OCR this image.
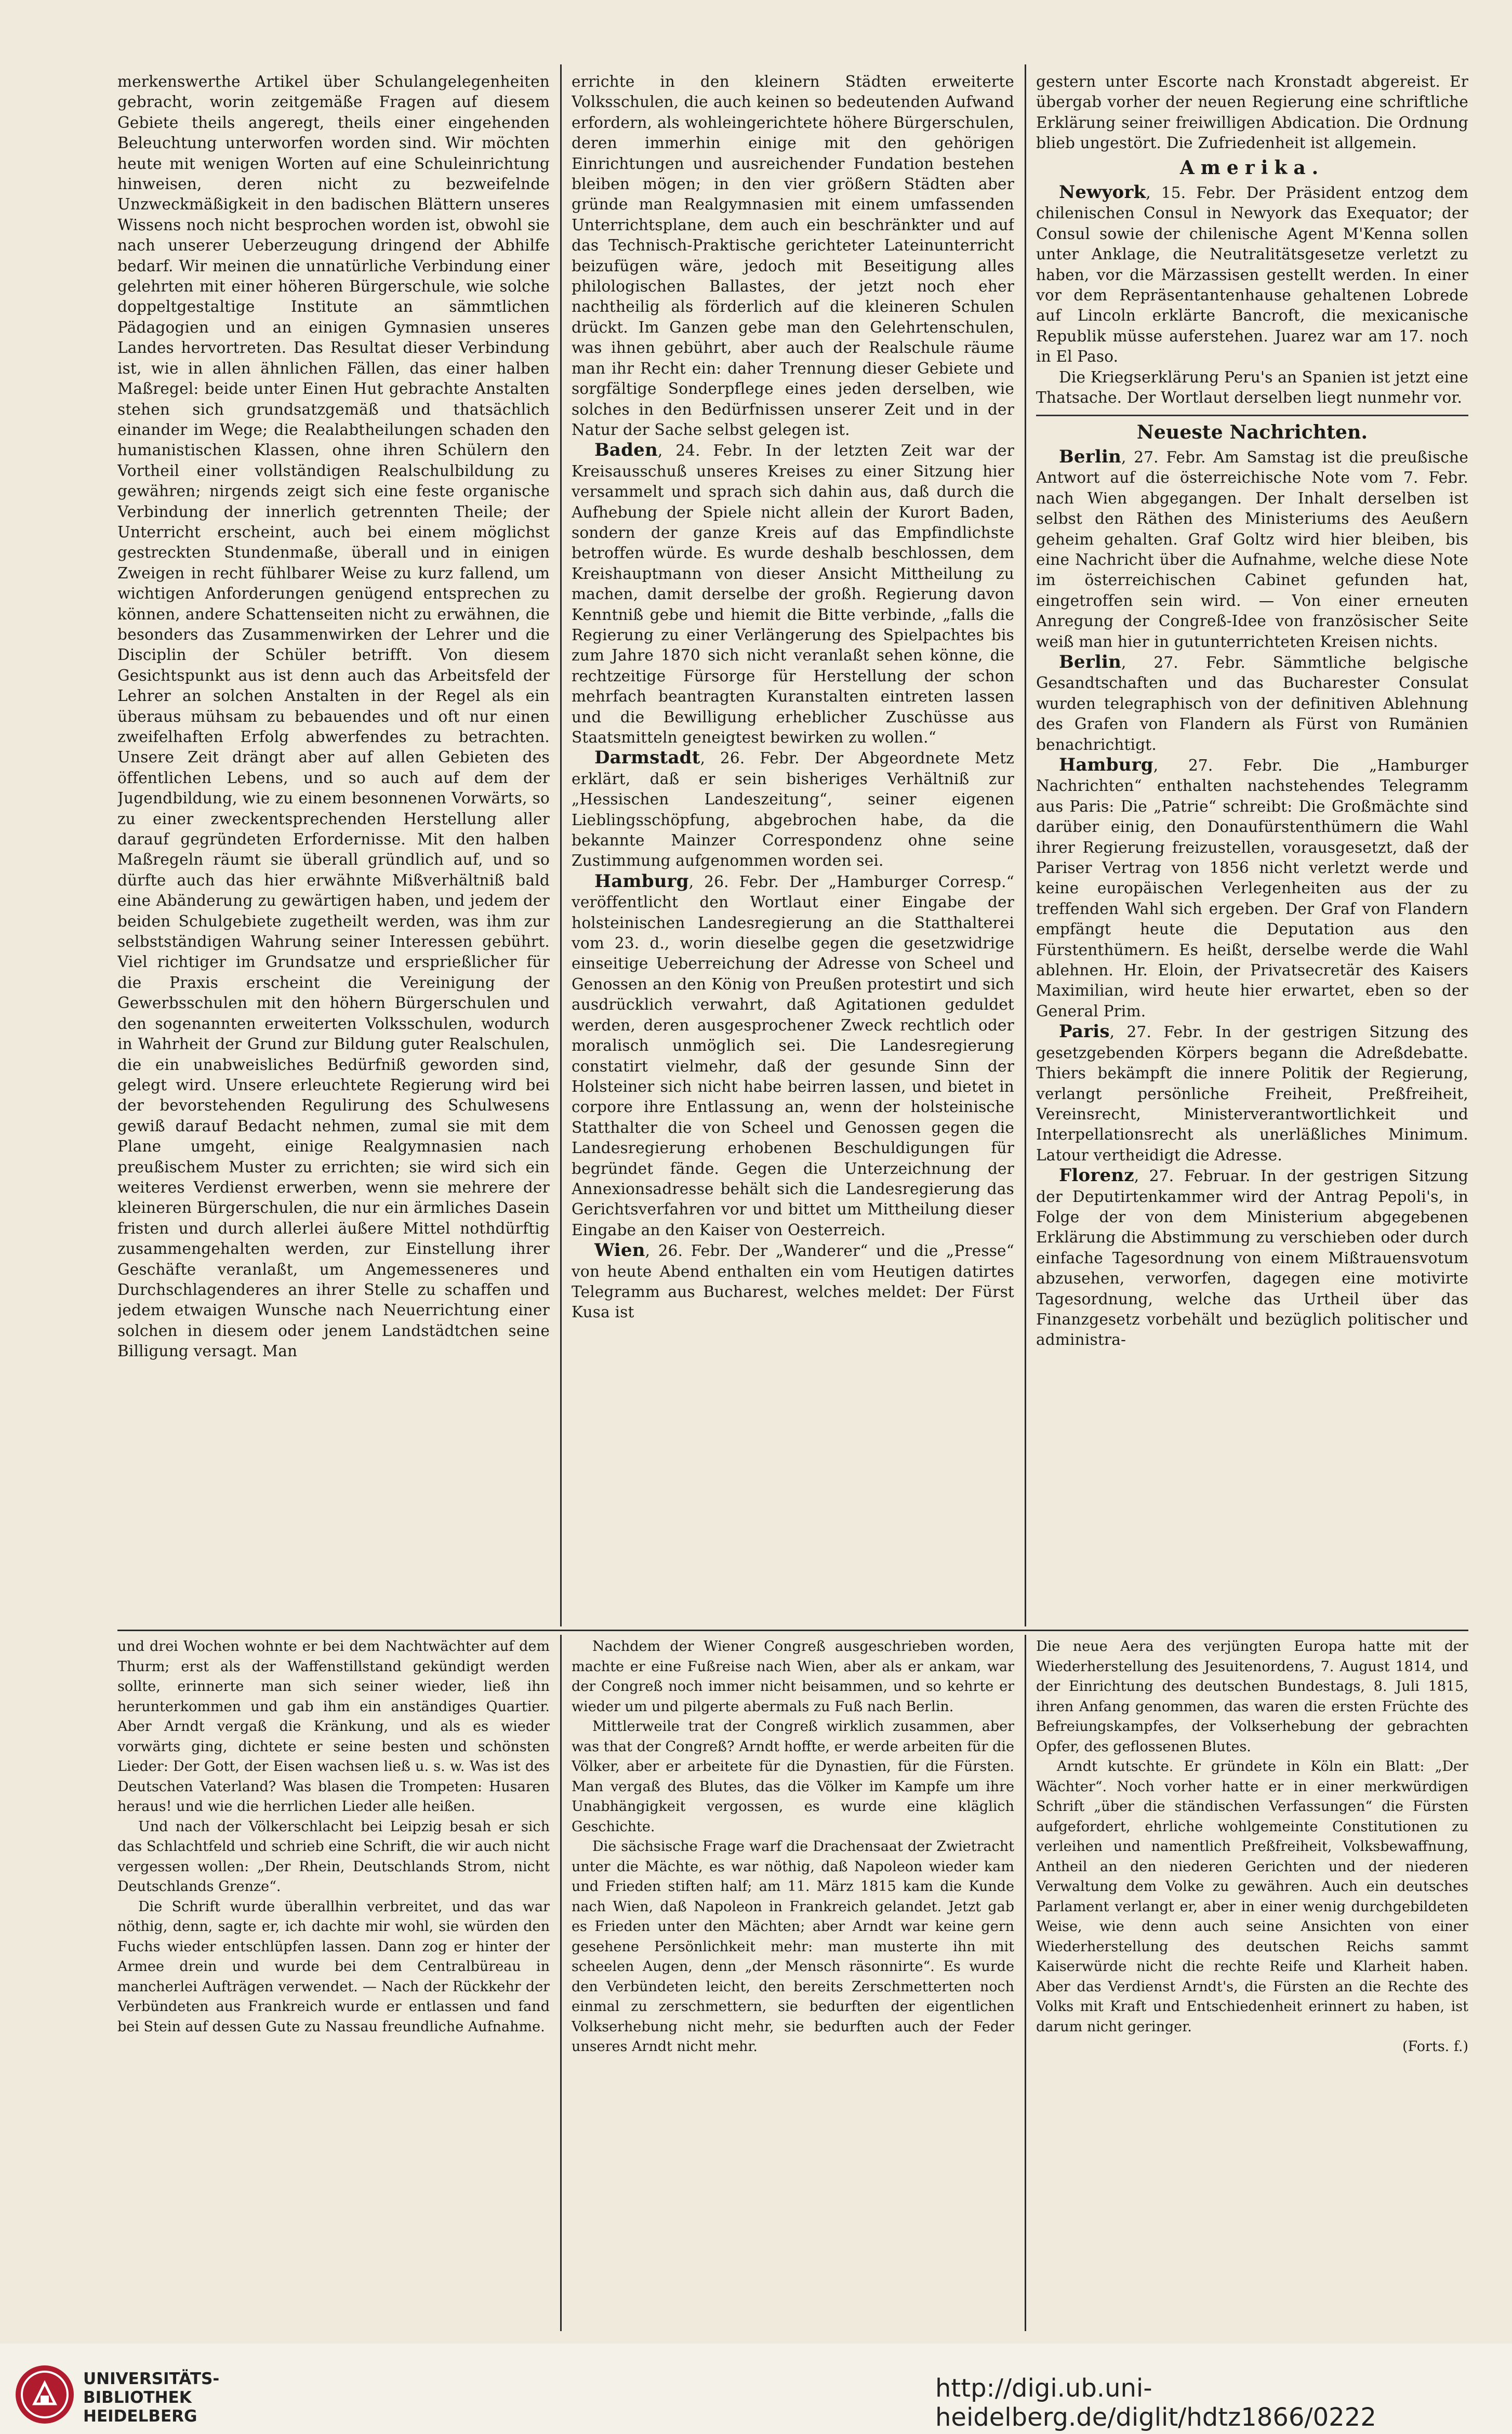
merkenswerthe Artikel über Schulangelegenheiten gebracht, worin zeitgemäße Fragen auf diesem Gebiete theils angeregt, theils einer eingehenden Beleuchtung unterworfen worden sind. Wir möchten heute mit wenigen Worten auf eine Schuleinrichtung hinweisen, deren nicht zu bezweifelnde Unzweckmäßigkeit in den badischen Blättern unseres Wissens noch nicht besprochen worden ist, obwohl sie nach unserer Ueberzeugung dringend der Abhilfe bedarf. Wir meinen die unnatürliche Verbindung einer gelehrten mit einer höheren Bürgerschule, wie solche doppeltgestaltige Institute an sämmtlichen Pädagogien und an einigen Gymnasien unseres Landes hervortreten. Das Resultat dieser Verbindung ist, wie in allen ähnlichen Fällen, das einer halben Maßregel: beide unter Einen Hut gebrachte Anstalten stehen sich grundsatzgemäß und thatsächlich einander im Wege; die Realabtheilungen schaden den humanistischen Klassen, ohne ihren Schülern den Vortheil einer vollständigen Realschulbildung zu gewähren; nirgends zeigt sich eine feste organische Verbindung der innerlich getrennten Theile; der Unterricht erscheint, auch bei einem möglichst gestreckten Stundenmaße, überall und in einigen Zweigen in recht fühlbarer Weise zu kurz fallend, um wichtigen Anforderungen genügend entsprechen zu können, andere Schattenseiten nicht zu erwähnen, die besonders das Zusammenwirken der Lehrer und die Disciplin der Schüler betrifft. Von diesem Gesichtspunkt aus ist denn auch das Arbeitsfeld der Lehrer an solchen Anstalten in der Regel als ein überaus mühsam zu bebauendes und oft nur einen zweifelhaften Erfolg abwerfendes zu betrachten. Unsere Zeit drängt aber auf allen Gebieten des öffentlichen Lebens, und so auch auf dem der Jugendbildung, wie zu einem besonnenen Vorwärts, so zu einer zweckentsprechenden Herstellung aller darauf gegründeten Erfordernisse. Mit den halben Maßregeln räumt sie überall gründlich auf, und so dürfte auch das hier erwähnte Mißverhältniß bald eine Abänderung zu gewärtigen haben, und jedem der beiden Schulgebiete zugetheilt werden, was ihm zur selbstständigen Wahrung seiner Interessen gebührt. Viel richtiger im Grundsatze und ersprießlicher für die Praxis erscheint die Vereinigung der Gewerbsschulen mit den höhern Bürgerschulen und den sogenannten erweiterten Volksschulen, wodurch in Wahrheit der Grund zur Bildung guter Realschulen, die ein unabweisliches Bedürfniß geworden sind, gelegt wird. Unsere erleuchtete Regierung wird bei der bevorstehenden Regulirung des Schulwesens gewiß darauf Bedacht nehmen, zumal sie mit dem Plane umgeht, einige Realgymnasien nach preußischem Muster zu errichten; sie wird sich ein weiteres Verdienst erwerben, wenn sie mehrere der kleineren Bürgerschulen, die nur ein ärmliches Dasein fristen und durch allerlei äußere Mittel nothdürftig zusammengehalten werden, zur Einstellung ihrer Geschäfte veranlaßt, um Angemesseneres und Durchschlagenderes an ihrer Stelle zu schaffen und jedem etwaigen Wunsche nach Neuerrichtung einer solchen in diesem oder jenem Landstädtchen seine Billigung versagt. Man

errichte in den kleinern Städten erweiterte Volksschulen, die auch keinen so bedeutenden Aufwand erfordern, als wohleingerichtete höhere Bürgerschulen, deren immerhin einige mit den gehörigen Einrichtungen und ausreichender Fundation bestehen bleiben mögen; in den vier größern Städten aber gründe man Realgymnasien mit einem umfassenden Unterrichtsplane, dem auch ein beschränkter und auf das Technisch-Praktische gerichteter Lateinunterricht beizufügen wäre, jedoch mit Beseitigung alles philologischen Ballastes, der jetzt noch eher nachtheilig als förderlich auf die kleineren Schulen drückt. Im Ganzen gebe man den Gelehrtenschulen, was ihnen gebührt, aber auch der Realschule räume man ihr Recht ein: daher Trennung dieser Gebiete und sorgfältige Sonderpflege eines jeden derselben, wie solches in den Bedürfnissen unserer Zeit und in der Natur der Sache selbst gelegen ist.

Baden, 24. Febr. In der letzten Zeit war der Kreisausschuß unseres Kreises zu einer Sitzung hier versammelt und sprach sich dahin aus, daß durch die Aufhebung der Spiele nicht allein der Kurort Baden, sondern der ganze Kreis auf das Empfindlichste betroffen würde. Es wurde deshalb beschlossen, dem Kreishauptmann von dieser Ansicht Mittheilung zu machen, damit derselbe der großh. Regierung davon Kenntniß gebe und hiemit die Bitte verbinde, „falls die Regierung zu einer Verlängerung des Spielpachtes bis zum Jahre 1870 sich nicht veranlaßt sehen könne, die rechtzeitige Fürsorge für Herstellung der schon mehrfach beantragten Kuranstalten eintreten lassen und die Bewilligung erheblicher Zuschüsse aus Staatsmitteln geneigtest bewirken zu wollen.“

Darmstadt, 26. Febr. Der Abgeordnete Metz erklärt, daß er sein bisheriges Verhältniß zur „Hessischen Landeszeitung“, seiner eigenen Lieblingsschöpfung, abgebrochen habe, da die bekannte Mainzer Correspondenz ohne seine Zustimmung aufgenommen worden sei.

Hamburg, 26. Febr. Der „Hamburger Corresp.“ veröffentlicht den Wortlaut einer Eingabe der holsteinischen Landesregierung an die Statthalterei vom 23. d., worin dieselbe gegen die gesetzwidrige einseitige Ueberreichung der Adresse von Scheel und Genossen an den König von Preußen protestirt und sich ausdrücklich verwahrt, daß Agitationen geduldet werden, deren ausgesprochener Zweck rechtlich oder moralisch unmöglich sei. Die Landesregierung constatirt vielmehr, daß der gesunde Sinn der Holsteiner sich nicht habe beirren lassen, und bietet in corpore ihre Entlassung an, wenn der holsteinische Statthalter die von Scheel und Genossen gegen die Landesregierung erhobenen Beschuldigungen für begründet fände. Gegen die Unterzeichnung der Annexionsadresse behält sich die Landesregierung das Gerichtsverfahren vor und bittet um Mittheilung dieser Eingabe an den Kaiser von Oesterreich.

Wien, 26. Febr. Der „Wanderer“ und die „Presse“ von heute Abend enthalten ein vom Heutigen datirtes Telegramm aus Bucharest, welches meldet: Der Fürst Kusa ist

gestern unter Escorte nach Kronstadt abgereist. Er übergab vorher der neuen Regierung eine schriftliche Erklärung seiner freiwilligen Abdication. Die Ordnung blieb ungestört. Die Zufriedenheit ist allgemein.

Amerika.

Newyork, 15. Febr. Der Präsident entzog dem chilenischen Consul in Newyork das Exequator; der Consul sowie der chilenische Agent M'Kenna sollen unter Anklage, die Neutralitätsgesetze verletzt zu haben, vor die Märzassisen gestellt werden. In einer vor dem Repräsentantenhause gehaltenen Lobrede auf Lincoln erklärte Bancroft, die mexicanische Republik müsse auferstehen. Juarez war am 17. noch in El Paso.

Die Kriegserklärung Peru's an Spanien ist jetzt eine Thatsache. Der Wortlaut derselben liegt nunmehr vor.

Neueste Nachrichten.

Berlin, 27. Febr. Am Samstag ist die preußische Antwort auf die österreichische Note vom 7. Febr. nach Wien abgegangen. Der Inhalt derselben ist selbst den Räthen des Ministeriums des Aeußern geheim gehalten. Graf Goltz wird hier bleiben, bis eine Nachricht über die Aufnahme, welche diese Note im österreichischen Cabinet gefunden hat, eingetroffen sein wird. — Von einer erneuten Anregung der Congreß-Idee von französischer Seite weiß man hier in gutunterrichteten Kreisen nichts.

Berlin, 27. Febr. Sämmtliche belgische Gesandtschaften und das Bucharester Consulat wurden telegraphisch von der definitiven Ablehnung des Grafen von Flandern als Fürst von Rumänien benachrichtigt.

Hamburg, 27. Febr. Die „Hamburger Nachrichten“ enthalten nachstehendes Telegramm aus Paris: Die „Patrie“ schreibt: Die Großmächte sind darüber einig, den Donaufürstenthümern die Wahl ihrer Regierung freizustellen, vorausgesetzt, daß der Pariser Vertrag von 1856 nicht verletzt werde und keine europäischen Verlegenheiten aus der zu treffenden Wahl sich ergeben. Der Graf von Flandern empfängt heute die Deputation aus den Fürstenthümern. Es heißt, derselbe werde die Wahl ablehnen. Hr. Eloin, der Privatsecretär des Kaisers Maximilian, wird heute hier erwartet, eben so der General Prim.

Paris, 27. Febr. In der gestrigen Sitzung des gesetzgebenden Körpers begann die Adreßdebatte. Thiers bekämpft die innere Politik der Regierung, verlangt persönliche Freiheit, Preßfreiheit, Vereinsrecht, Ministerverantwortlichkeit und Interpellationsrecht als unerläßliches Minimum. Latour vertheidigt die Adresse.

Florenz, 27. Februar. In der gestrigen Sitzung der Deputirtenkammer wird der Antrag Pepoli's, in Folge der von dem Ministerium abgegebenen Erklärung die Abstimmung zu verschieben oder durch einfache Tagesordnung von einem Mißtrauensvotum abzusehen, verworfen, dagegen eine motivirte Tagesordnung, welche das Urtheil über das Finanzgesetz vorbehält und bezüglich politischer und administra-

und drei Wochen wohnte er bei dem Nachtwächter auf dem Thurm; erst als der Waffenstillstand gekündigt werden sollte, erinnerte man sich seiner wieder, ließ ihn herunterkommen und gab ihm ein anständiges Quartier. Aber Arndt vergaß die Kränkung, und als es wieder vorwärts ging, dichtete er seine besten und schönsten Lieder: Der Gott, der Eisen wachsen ließ u. s. w. Was ist des Deutschen Vaterland? Was blasen die Trompeten: Husaren heraus! und wie die herrlichen Lieder alle heißen.

Und nach der Völkerschlacht bei Leipzig besah er sich das Schlachtfeld und schrieb eine Schrift, die wir auch nicht vergessen wollen: „Der Rhein, Deutschlands Strom, nicht Deutschlands Grenze“.

Die Schrift wurde überallhin verbreitet, und das war nöthig, denn, sagte er, ich dachte mir wohl, sie würden den Fuchs wieder entschlüpfen lassen. Dann zog er hinter der Armee drein und wurde bei dem Centralbüreau in mancherlei Aufträgen verwendet. — Nach der Rückkehr der Verbündeten aus Frankreich wurde er entlassen und fand bei Stein auf dessen Gute zu Nassau freundliche Aufnahme.

Nachdem der Wiener Congreß ausgeschrieben worden, machte er eine Fußreise nach Wien, aber als er ankam, war der Congreß noch immer nicht beisammen, und so kehrte er wieder um und pilgerte abermals zu Fuß nach Berlin.

Mittlerweile trat der Congreß wirklich zusammen, aber was that der Congreß? Arndt hoffte, er werde arbeiten für die Völker, aber er arbeitete für die Dynastien, für die Fürsten. Man vergaß des Blutes, das die Völker im Kampfe um ihre Unabhängigkeit vergossen, es wurde eine kläglich Geschichte.

Die sächsische Frage warf die Drachensaat der Zwietracht unter die Mächte, es war nöthig, daß Napoleon wieder kam und Frieden stiften half; am 11. März 1815 kam die Kunde nach Wien, daß Napoleon in Frankreich gelandet. Jetzt gab es Frieden unter den Mächten; aber Arndt war keine gern gesehene Persönlichkeit mehr: man musterte ihn mit scheelen Augen, denn „der Mensch räsonnirte“. Es wurde den Verbündeten leicht, den bereits Zerschmetterten noch einmal zu zerschmettern, sie bedurften der eigentlichen Volkserhebung nicht mehr, sie bedurften auch der Feder unseres Arndt nicht mehr.

Die neue Aera des verjüngten Europa hatte mit der Wiederherstellung des Jesuitenordens, 7. August 1814, und der Einrichtung des deutschen Bundestags, 8. Juli 1815, ihren Anfang genommen, das waren die ersten Früchte des Befreiungskampfes, der Volkserhebung der gebrachten Opfer, des geflossenen Blutes.

Arndt kutschte. Er gründete in Köln ein Blatt: „Der Wächter“. Noch vorher hatte er in einer merkwürdigen Schrift „über die ständischen Verfassungen“ die Fürsten aufgefordert, ehrliche wohlgemeinte Constitutionen zu verleihen und namentlich Preßfreiheit, Volksbewaffnung, Antheil an den niederen Gerichten und der niederen Verwaltung dem Volke zu gewähren. Auch ein deutsches Parlament verlangt er, aber in einer wenig durchgebildeten Weise, wie denn auch seine Ansichten von einer Wiederherstellung des deutschen Reichs sammt Kaiserwürde nicht die rechte Reife und Klarheit haben. Aber das Verdienst Arndt's, die Fürsten an die Rechte des Volks mit Kraft und Entschiedenheit erinnert zu haben, ist darum nicht geringer.

(Forts. f.)

UNIVERSITÄTS-
BIBLIOTHEK
HEIDELBERG
http://digi.ub.uni-heidelberg.de/diglit/hdtz1866/0222
